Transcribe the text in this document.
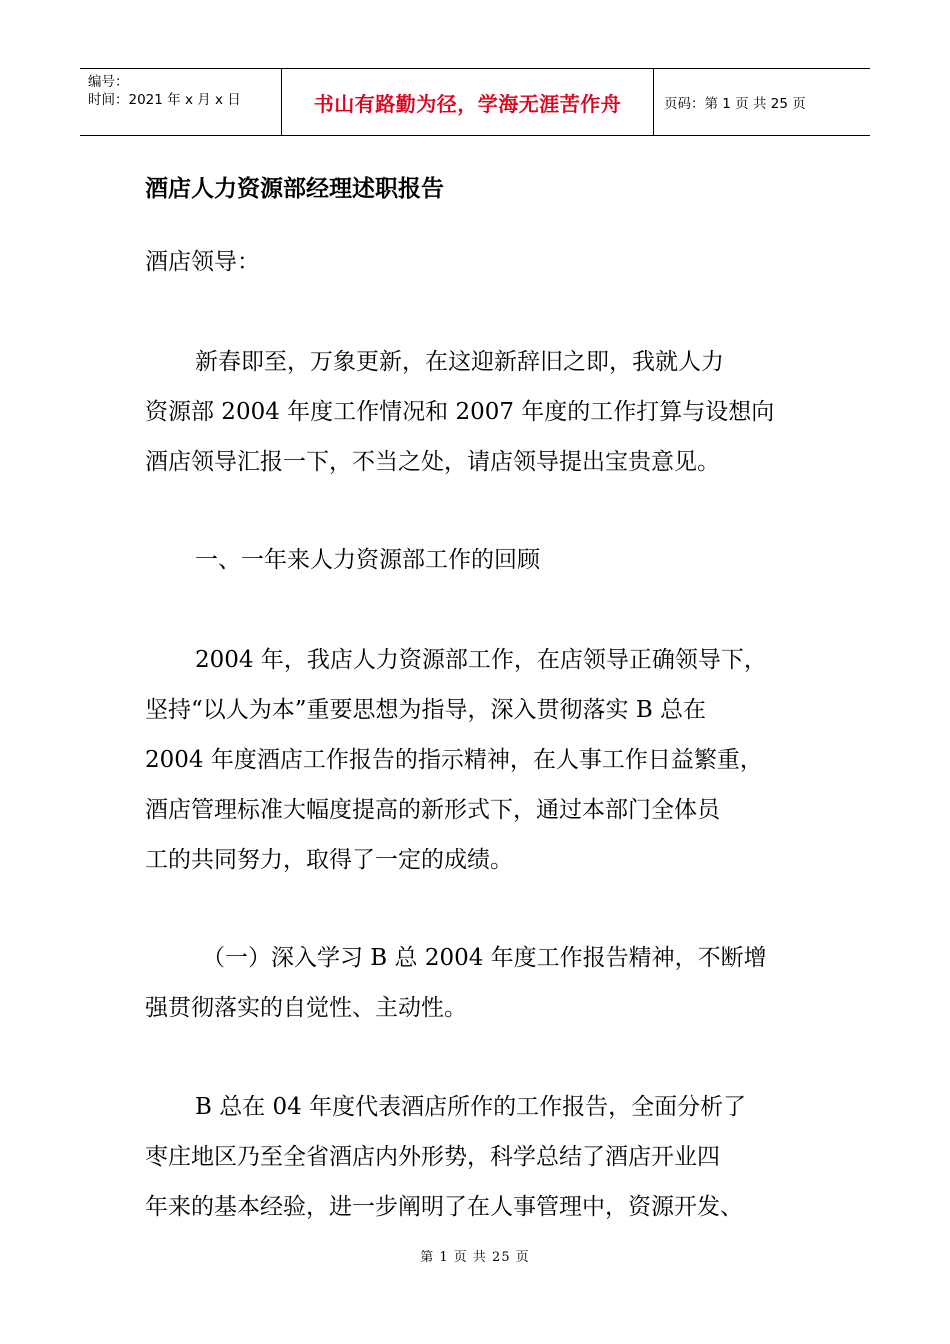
编号：
时间：2021 年 x 月 x 日	书山有路勤为径，学海无涯苦作舟	页码：第 1 页 共 25 页
酒店人力资源部经理述职报告
酒店领导：
新春即至，万象更新，在这迎新辞旧之即，我就人力
资源部 2004 年度工作情况和 2007 年度的工作打算与设想向
酒店领导汇报一下，不当之处，请店领导提出宝贵意见。
一、一年来人力资源部工作的回顾
2004 年，我店人力资源部工作，在店领导正确领导下，
坚持“以人为本”重要思想为指导，深入贯彻落实 B 总在
2004 年度酒店工作报告的指示精神，在人事工作日益繁重，
酒店管理标准大幅度提高的新形式下，通过本部门全体员
工的共同努力，取得了一定的成绩。
（一）深入学习 B 总 2004 年度工作报告精神，不断增
强贯彻落实的自觉性、主动性。
B 总在 04 年度代表酒店所作的工作报告，全面分析了
枣庄地区乃至全省酒店内外形势，科学总结了酒店开业四
年来的基本经验，进一步阐明了在人事管理中，资源开发、
第 1 页 共 25 页
